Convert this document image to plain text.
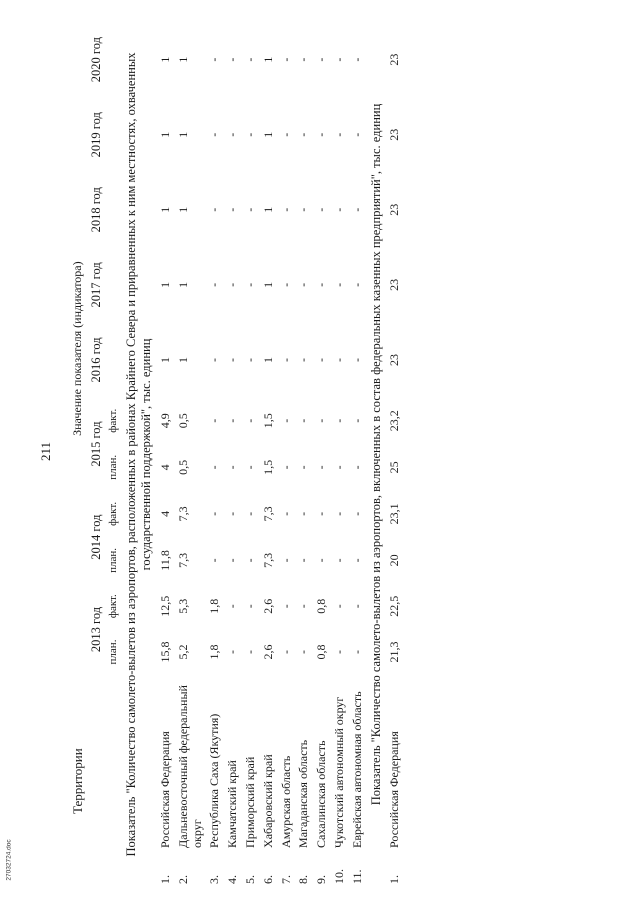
211
27032724.doc
Территории		Значение показателя (индикатора)										
		2013 год		2014 год		2015 год		2016 год	2017 год	2018 год	2019 год	2020 год
		план.	факт.	план.	факт.	план.	факт.					
Показатель "Количество самолето-вылетов из аэропортов, расположенных в районах Крайнего Севера и приравненных к ним местностях, охваченных государственной поддержкой", тыс. единиц												
1.	Российская Федерация	15,8	12,5	11,8	4	4	4,9	1	1	1	1	1
2.	Дальневосточный федеральный округ	5,2	5,3	7,3	7,3	0,5	0,5	1	1	1	1	1
3.	Республика Саха (Якутия)	1,8	1,8	-	-	-	-	-	-	-	-	-
4.	Камчатский край	-	-	-	-	-	-	-	-	-	-	-
5.	Приморский край	-	-	-	-	-	-	-	-	-	-	-
6.	Хабаровский край	2,6	2,6	7,3	7,3	1,5	1,5	1	1	1	1	1
7.	Амурская область	-	-	-	-	-	-	-	-	-	-	-
8.	Магаданская область	-	-	-	-	-	-	-	-	-	-	-
9.	Сахалинская область	0,8	0,8	-	-	-	-	-	-	-	-	-
10.	Чукотский автономный округ	-	-	-	-	-	-	-	-	-	-	-
11.	Еврейская автономная область	-	-	-	-	-	-	-	-	-	-	-
Показатель "Количество самолето-вылетов из аэропортов, включенных в состав федеральных казенных предприятий", тыс. единиц												
1.	Российская Федерация	21,3	22,5	20	23,1	25	23,2	23	23	23	23	23
